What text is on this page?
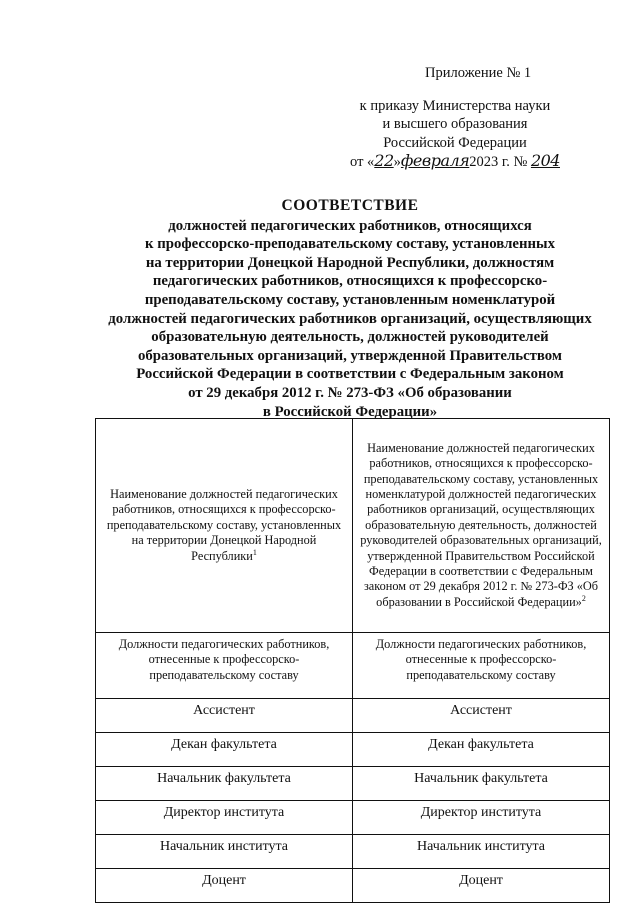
Приложение № 1
к приказу Министерства науки
и высшего образования
Российской Федерации
от «22»февраля2023 г. № 204
СООТВЕТСТВИЕ
должностей педагогических работников, относящихся
к профессорско-преподавательскому составу, установленных
на территории Донецкой Народной Республики, должностям
педагогических работников, относящихся к профессорско-
преподавательскому составу, установленным номенклатурой
должностей педагогических работников организаций, осуществляющих
образовательную деятельность, должностей руководителей
образовательных организаций, утвержденной Правительством
Российской Федерации в соответствии с Федеральным законом
от 29 декабря 2012 г. № 273-ФЗ «Об образовании
в Российской Федерации»
Наименование должностей педагогических работников, относящихся к профессорско-преподавательскому составу, установленных на территории Донецкой Народной Республики$^1$	Наименование должностей педагогических работников, относящихся к профессорско-преподавательскому составу, установленных номенклатурой должностей педагогических работников организаций, осуществляющих образовательную деятельность, должностей руководителей образовательных организаций, утвержденной Правительством Российской Федерации в соответствии с Федеральным законом от 29 декабря 2012 г. № 273-ФЗ «Об образовании в Российской Федерации»$^2$
Должности педагогических работников, отнесенные к профессорско-преподавательскому составу	Должности педагогических работников, отнесенные к профессорско-преподавательскому составу
Ассистент	Ассистент
Декан факультета	Декан факультета
Начальник факультета	Начальник факультета
Директор института	Директор института
Начальник института	Начальник института
Доцент	Доцент
